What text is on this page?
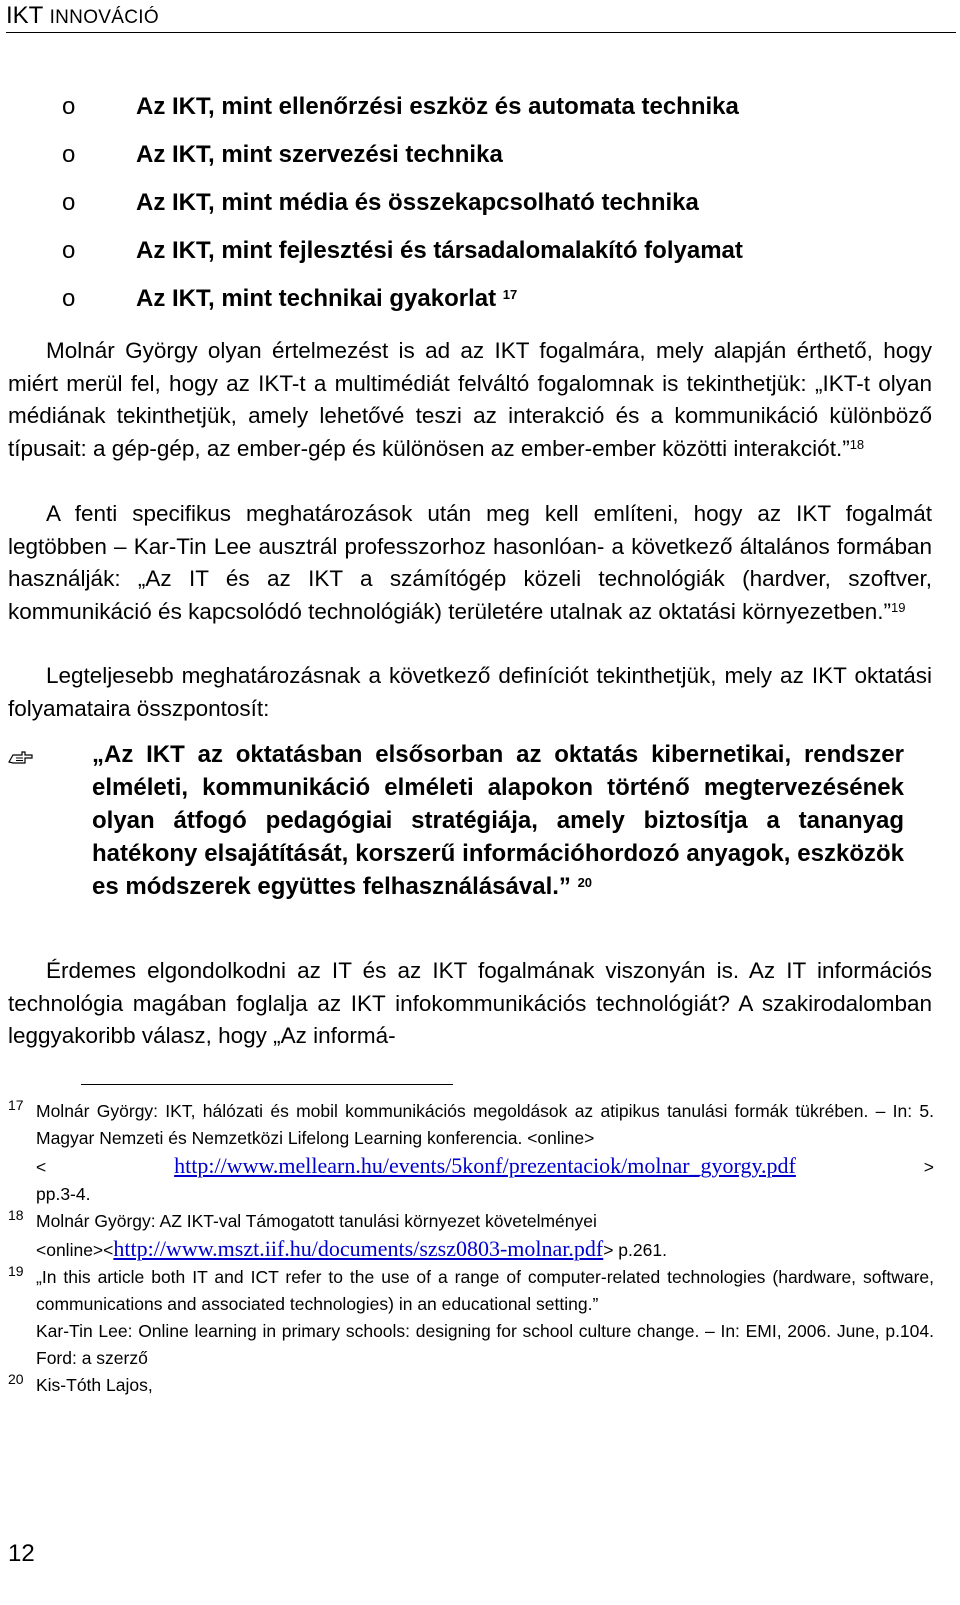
IKT INNOVÁCIÓ
o	Az IKT, mint ellenőrzési eszköz és automata technika
o	Az IKT, mint szervezési technika
o	Az IKT, mint média és összekapcsolható technika
o	Az IKT, mint fejlesztési és társadalomalakító folyamat
o	Az IKT, mint technikai gyakorlat $^{17}$
Molnár György olyan értelmezést is ad az IKT fogalmára, mely alapján érthető, hogy miért merül fel, hogy az IKT-t a multimédiát felváltó fogalomnak is tekinthetjük: „IKT-t olyan médiának tekinthetjük, amely lehetővé teszi az interakció és a kommunikáció különböző típusait: a gép-gép, az ember-gép és különösen az ember-ember közötti interakciót.”$^{18}$
A fenti specifikus meghatározások után meg kell említeni, hogy az IKT fogalmát legtöbben – Kar-Tin Lee ausztrál professzorhoz hasonlóan- a következő általános formában használják: „Az IT és az IKT a számítógép közeli technológiák (hardver, szoftver, kommunikáció és kapcsolódó technológiák) területére utalnak az oktatási környezetben.”$^{19}$
Legteljesebb meghatározásnak a következő definíciót tekinthetjük, mely az IKT oktatási folyamataira összpontosít:
„Az IKT az oktatásban elsősorban az oktatás kibernetikai, rendszer elméleti, kommunikáció elméleti alapokon történő megtervezésének olyan átfogó pedagógiai stratégiája, amely biztosítja a tananyag hatékony elsajátítását, korszerű információhordozó anyagok, eszközök es módszerek együttes felhasználásával.” $^{20}$
Érdemes elgondolkodni az IT és az IKT fogalmának viszonyán is. Az IT információs technológia magában foglalja az IKT infokommunikációs technológiát? A szakirodalomban leggyakoribb válasz, hogy „Az informá-
17 Molnár György: IKT, hálózati és mobil kommunikációs megoldások az atipikus tanulási formák tükrében. – In: 5. Magyar Nemzeti és Nemzetközi Lifelong Learning konferencia. <online>
<	http://www.mellearn.hu/events/5konf/prezentaciok/molnar_gyorgy.pdf	>
pp.3-4.
18 Molnár György: AZ IKT-val Támogatott tanulási környezet követelményei
<online><http://www.mszt.iif.hu/documents/szsz0803-molnar.pdf> p.261.
19 „In this article both IT and ICT refer to the use of a range of computer-related technologies (hardware, software, communications and associated technologies) in an educational setting.”
Kar-Tin Lee: Online learning in primary schools: designing for school culture change. – In: EMI, 2006. June, p.104. Ford: a szerző
20 Kis-Tóth Lajos,
12
